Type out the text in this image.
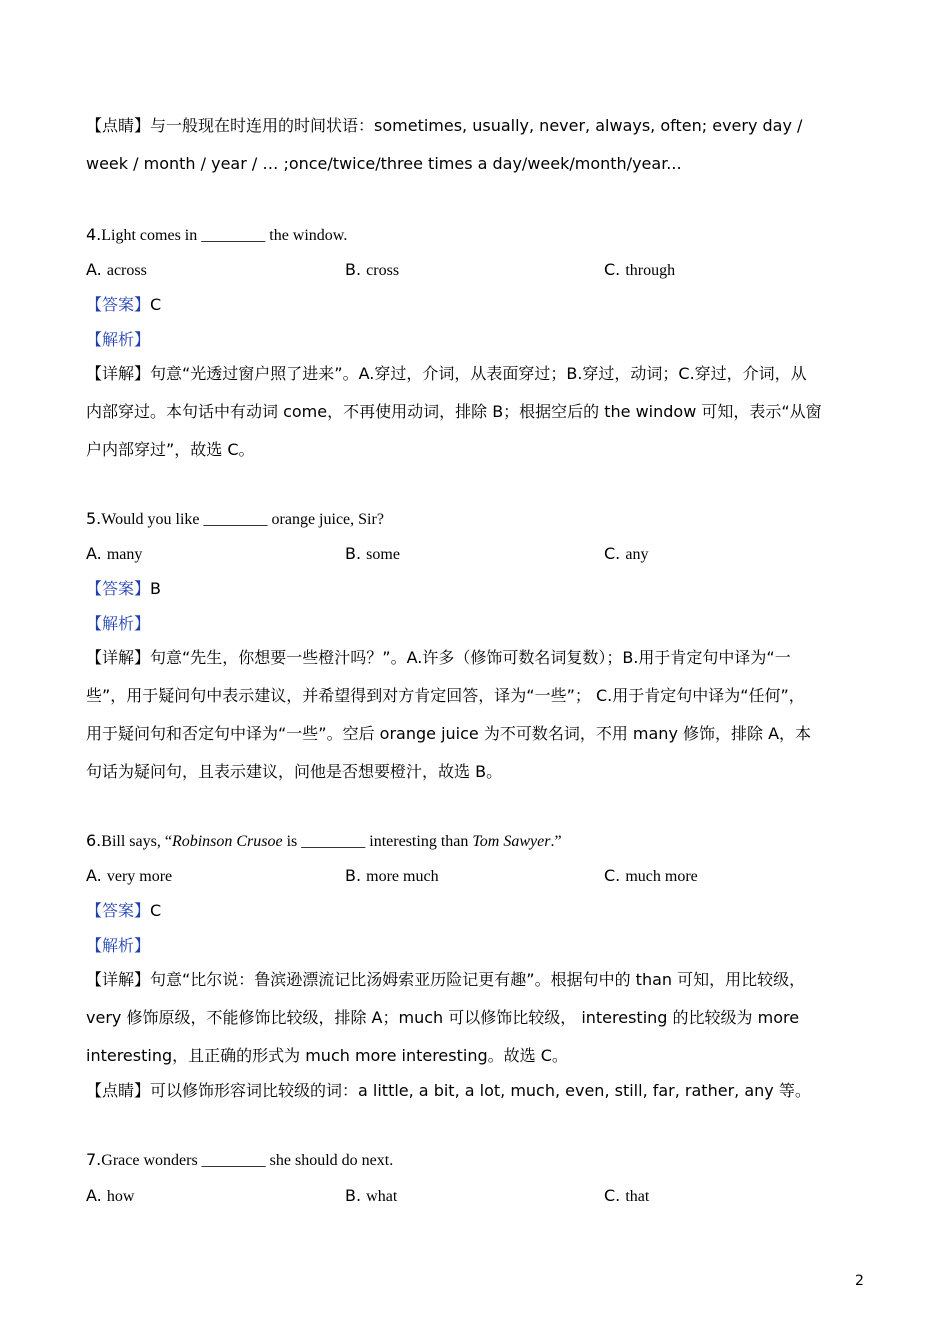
【点睛】与一般现在时连用的时间状语：sometimes, usually, never, always, often; every day /
week / month / year / … ;once/twice/three times a day/week/month/year...
4.Light comes in ________ the window.
A. across	B. cross	C. through
【答案】C
【解析】
【详解】句意“光透过窗户照了进来”。A.穿过，介词，从表面穿过；B.穿过，动词；C.穿过，介词，从
内部穿过。本句话中有动词 come，不再使用动词，排除 B；根据空后的 the window 可知，表示“从窗
户内部穿过”，故选 C。
5.Would you like ________ orange juice, Sir?
A. many	B. some	C. any
【答案】B
【解析】
【详解】句意“先生，你想要一些橙汁吗？”。A.许多（修饰可数名词复数）；B.用于肯定句中译为“一
些”，用于疑问句中表示建议，并希望得到对方肯定回答，译为“一些”； C.用于肯定句中译为“任何”，
用于疑问句和否定句中译为“一些”。空后 orange juice 为不可数名词，不用 many 修饰，排除 A，本
句话为疑问句，且表示建议，问他是否想要橙汁，故选 B。
6.Bill says, “Robinson Crusoe is ________ interesting than Tom Sawyer.”
A. very more	B. more much	C. much more
【答案】C
【解析】
【详解】句意“比尔说：鲁滨逊漂流记比汤姆索亚历险记更有趣”。根据句中的 than 可知，用比较级，
very 修饰原级，不能修饰比较级，排除 A；much 可以修饰比较级， interesting 的比较级为 more
interesting，且正确的形式为 much more interesting。故选 C。
【点睛】可以修饰形容词比较级的词：a little, a bit, a lot, much, even, still, far, rather, any 等。
7.Grace wonders ________ she should do next.
A. how	B. what	C. that
2
